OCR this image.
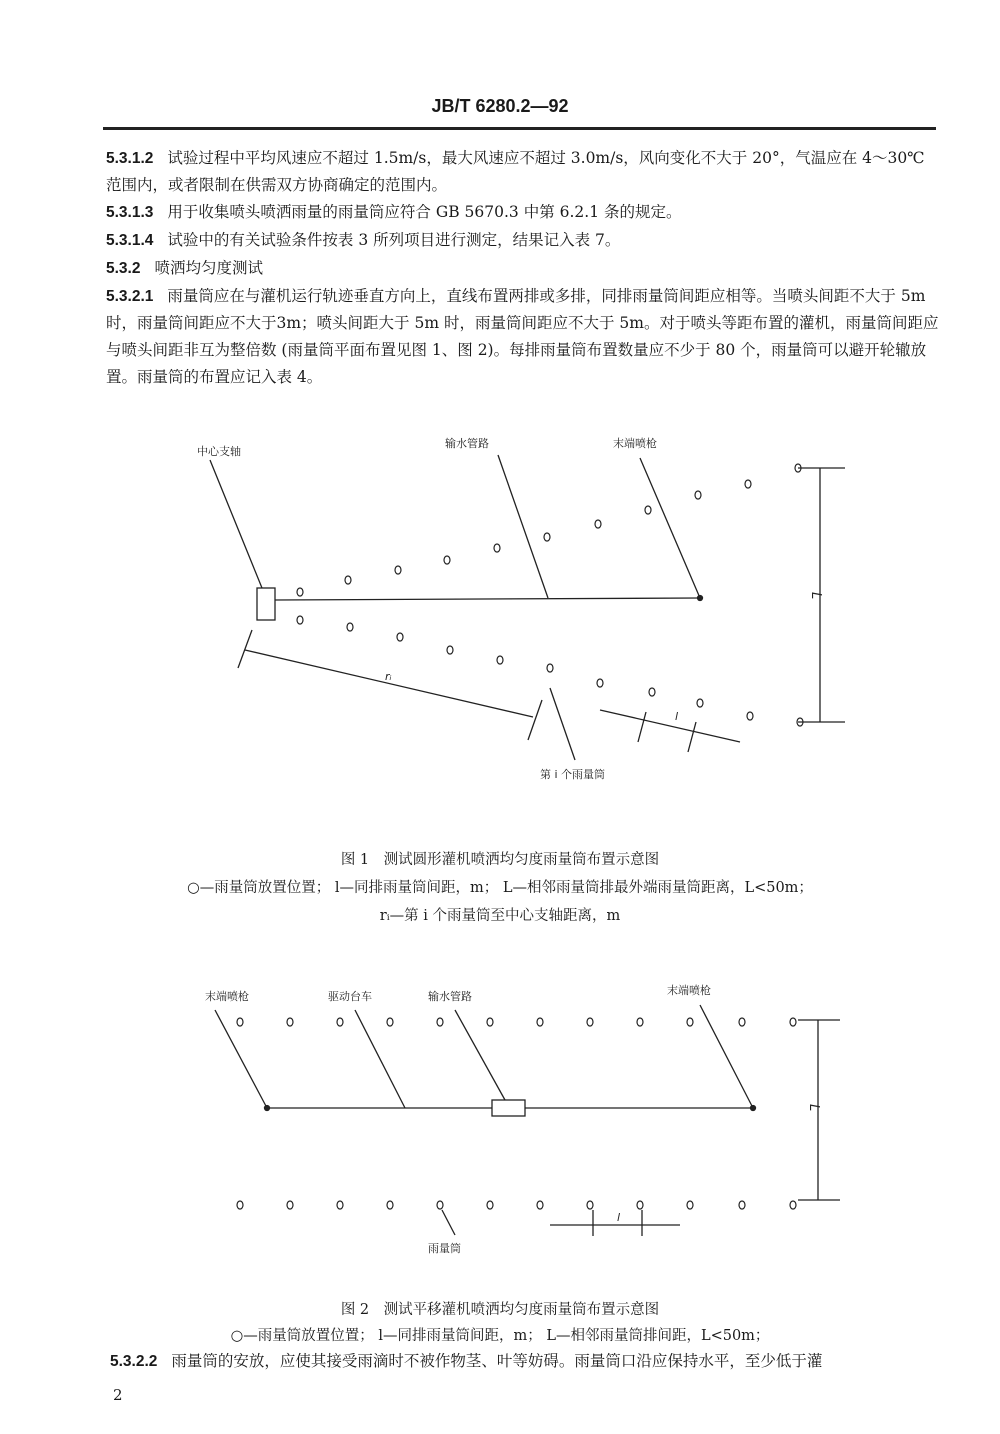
JB/T 6280.2—92
5.3.1.2 试验过程中平均风速应不超过 1.5m/s，最大风速应不超过 3.0m/s，风向变化不大于 20°，气温应在 4～30℃ 范围内，或者限制在供需双方协商确定的范围内。
5.3.1.3 用于收集喷头喷洒雨量的雨量筒应符合 GB 5670.3 中第 6.2.1 条的规定。
5.3.1.4 试验中的有关试验条件按表 3 所列项目进行测定，结果记入表 7。
5.3.2 喷洒均匀度测试
5.3.2.1 雨量筒应在与灌机运行轨迹垂直方向上，直线布置两排或多排，同排雨量筒间距应相等。当喷头间距不大于 5m 时，雨量筒间距应不大于3m；喷头间距大于 5m 时，雨量筒间距应不大于 5m。对于喷头等距布置的灌机，雨量筒间距应与喷头间距非互为整倍数 (雨量筒平面布置见图 1、图 2)。每排雨量筒布置数量应不少于 80 个，雨量筒可以避开轮辙放置。雨量筒的布置应记入表 4。
中心支轴
输水管路	末端喷枪
L
rᵢ
l
第 i 个雨量筒
末端喷枪	驱动台车	输水管路	末端喷枪
L
l
雨量筒
图 1　测试圆形灌机喷洒均匀度雨量筒布置示意图
○—雨量筒放置位置； l—同排雨量筒间距，m； L—相邻雨量筒排最外端雨量筒距离，L<50m；
rᵢ—第 i 个雨量筒至中心支轴距离，m
图 2　测试平移灌机喷洒均匀度雨量筒布置示意图
○—雨量筒放置位置； l—同排雨量筒间距，m； L—相邻雨量筒排间距，L<50m；
5.3.2.2 雨量筒的安放，应使其接受雨滴时不被作物茎、叶等妨碍。雨量筒口沿应保持水平，至少低于灌
2
